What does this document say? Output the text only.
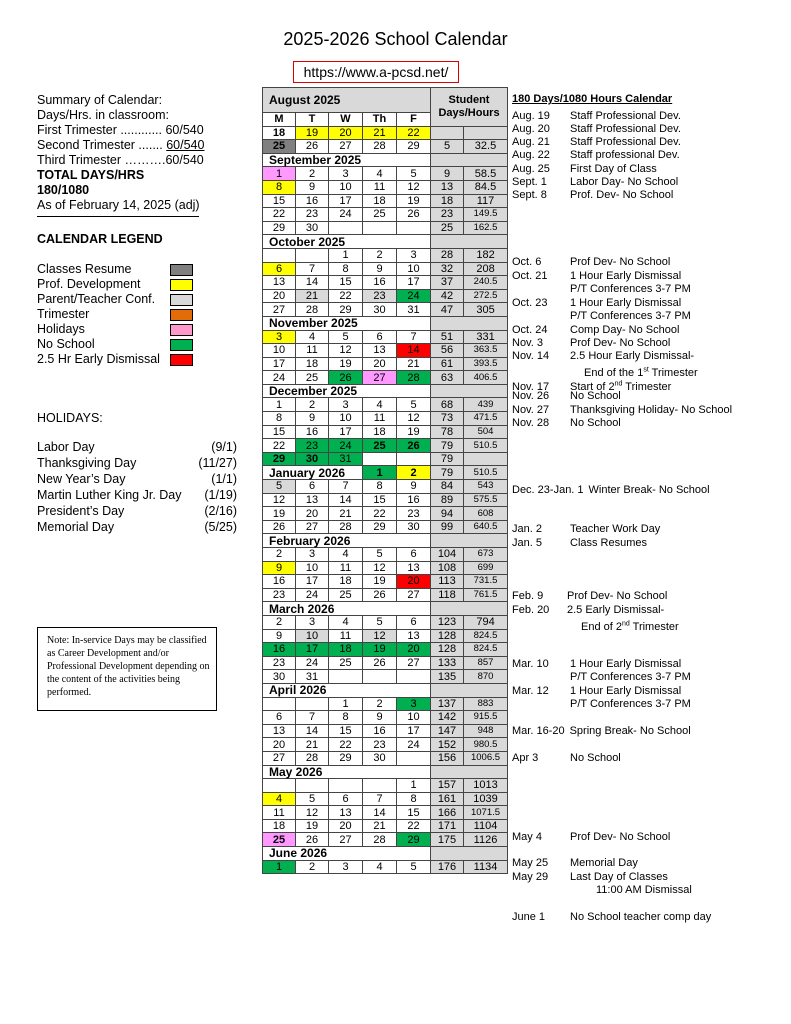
2025-2026 School Calendar
https://www.a-pcsd.net/
Summary of Calendar:
Days/Hrs. in classroom:
First Trimester ............ 60/540
Second Trimester ....... 60/540
Third Trimester ……….60/540
TOTAL DAYS/HRS
180/1080
As of February 14, 2025 (adj)
CALENDAR LEGEND
Classes Resume
Prof. Development
Parent/Teacher Conf.
Trimester
Holidays
No School
2.5 Hr Early Dismissal
HOLIDAYS:
Labor Day	(9/1)
Thanksgiving Day	(11/27)
New Year’s Day	(1/1)
Martin Luther King Jr. Day (1/19)
President’s Day	(2/16)
Memorial Day	(5/25)
Note: In-service Days may be classified as Career Development and/or Professional Development depending on the content of the activities being performed.
August 2025					Student Days/Hours	
M	T	W	Th	F		
18	19	20	21	22		
25	26	27	28	29	5	32.5
September 2025						
1	2	3	4	5	9	58.5
8	9	10	11	12	13	84.5
15	16	17	18	19	18	117
22	23	24	25	26	23	149.5
29	30				25	162.5
October 2025						
		1	2	3	28	182
6	7	8	9	10	32	208
13	14	15	16	17	37	240.5
20	21	22	23	24	42	272.5
27	28	29	30	31	47	305
November 2025						
3	4	5	6	7	51	331
10	11	12	13	14	56	363.5
17	18	19	20	21	61	393.5
24	25	26	27	28	63	406.5
December 2025						
1	2	3	4	5	68	439
8	9	10	11	12	73	471.5
15	16	17	18	19	78	504
22	23	24	25	26	79	510.5
29	30	31			79	
January 2026			1	2	79	510.5
5	6	7	8	9	84	543
12	13	14	15	16	89	575.5
19	20	21	22	23	94	608
26	27	28	29	30	99	640.5
February 2026						
2	3	4	5	6	104	673
9	10	11	12	13	108	699
16	17	18	19	20	113	731.5
23	24	25	26	27	118	761.5
March 2026						
2	3	4	5	6	123	794
9	10	11	12	13	128	824.5
16	17	18	19	20	128	824.5
23	24	25	26	27	133	857
30	31				135	870
April 2026						
		1	2	3	137	883
6	7	8	9	10	142	915.5
13	14	15	16	17	147	948
20	21	22	23	24	152	980.5
27	28	29	30		156	1006.5
May 2026						
				1	157	1013
4	5	6	7	8	161	1039
11	12	13	14	15	166	1071.5
18	19	20	21	22	171	1104
25	26	27	28	29	175	1126
June 2026						
1	2	3	4	5	176	1134
180 Days/1080 Hours Calendar
Aug. 19 Staff Professional Dev.
Aug. 20 Staff Professional Dev.
Aug. 21 Staff Professional Dev.
Aug. 22 Staff professional Dev.
Aug. 25 First Day of Class
Sept. 1 Labor Day- No School
Sept. 8 Prof. Dev- No School
Oct. 6	Prof Dev- No School
Oct. 21 1 Hour Early Dismissal
P/T Conferences 3-7 PM
Oct. 23 1 Hour Early Dismissal
P/T Conferences 3-7 PM
Oct. 24 Comp Day- No School
Nov. 3 Prof Dev- No School
Nov. 14 2.5 Hour Early Dismissal-
End of the 1st Trimester
Nov. 17 Start of 2nd Trimester
Nov. 26 No School
Nov. 27 Thanksgiving Holiday- No School
Nov. 28 No School
Dec. 23-Jan. 1 Winter Break- No School
Jan. 2	Teacher Work Day
Jan. 5	Class Resumes
Feb. 9 Prof Dev- No School
Feb. 20 2.5 Early Dismissal-
End of 2nd Trimester
Mar. 10 1 Hour Early Dismissal
P/T Conferences 3-7 PM
Mar. 12 1 Hour Early Dismissal
P/T Conferences 3-7 PM
Mar. 16-20 Spring Break- No School
Apr 3	No School
May 4	Prof Dev- No School
May 25 Memorial Day
May 29 Last Day of Classes
11:00 AM Dismissal
June 1 No School teacher comp day
